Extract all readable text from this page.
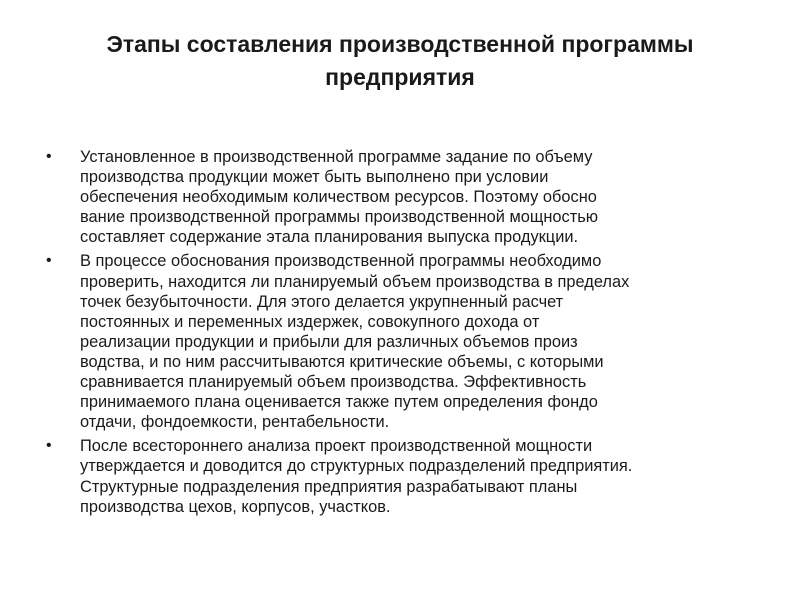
Этапы составления производственной программы
предприятия
• Установленное в производственной программе задание по объему
производства продукции может быть выполнено при условии
обеспечения необходимым количеством ресурсов. Поэтому обосно
вание производственной программы производственной мощностью
составляет содержание этала планирования выпуска продукции.
• В процессе обоснования производственной программы необходимо
проверить, находится ли планируемый объем производства в пределах
точек безубыточности. Для этого делается укрупненный расчет
постоянных и переменных издержек, совокупного дохода от
реализации продукции и прибыли для различных объемов произ
водства, и по ним рассчитываются критические объемы, с которыми
сравнивается планируемый объем производства. Эффективность
принимаемого плана оценивается также путем определения фондо
отдачи, фондоемкости, рентабельности.
• После всестороннего анализа проект производственной мощности
утверждается и доводится до структурных подразделений предприятия.
Структурные подразделения предприятия разрабатывают планы
производства цехов, корпусов, участков.
